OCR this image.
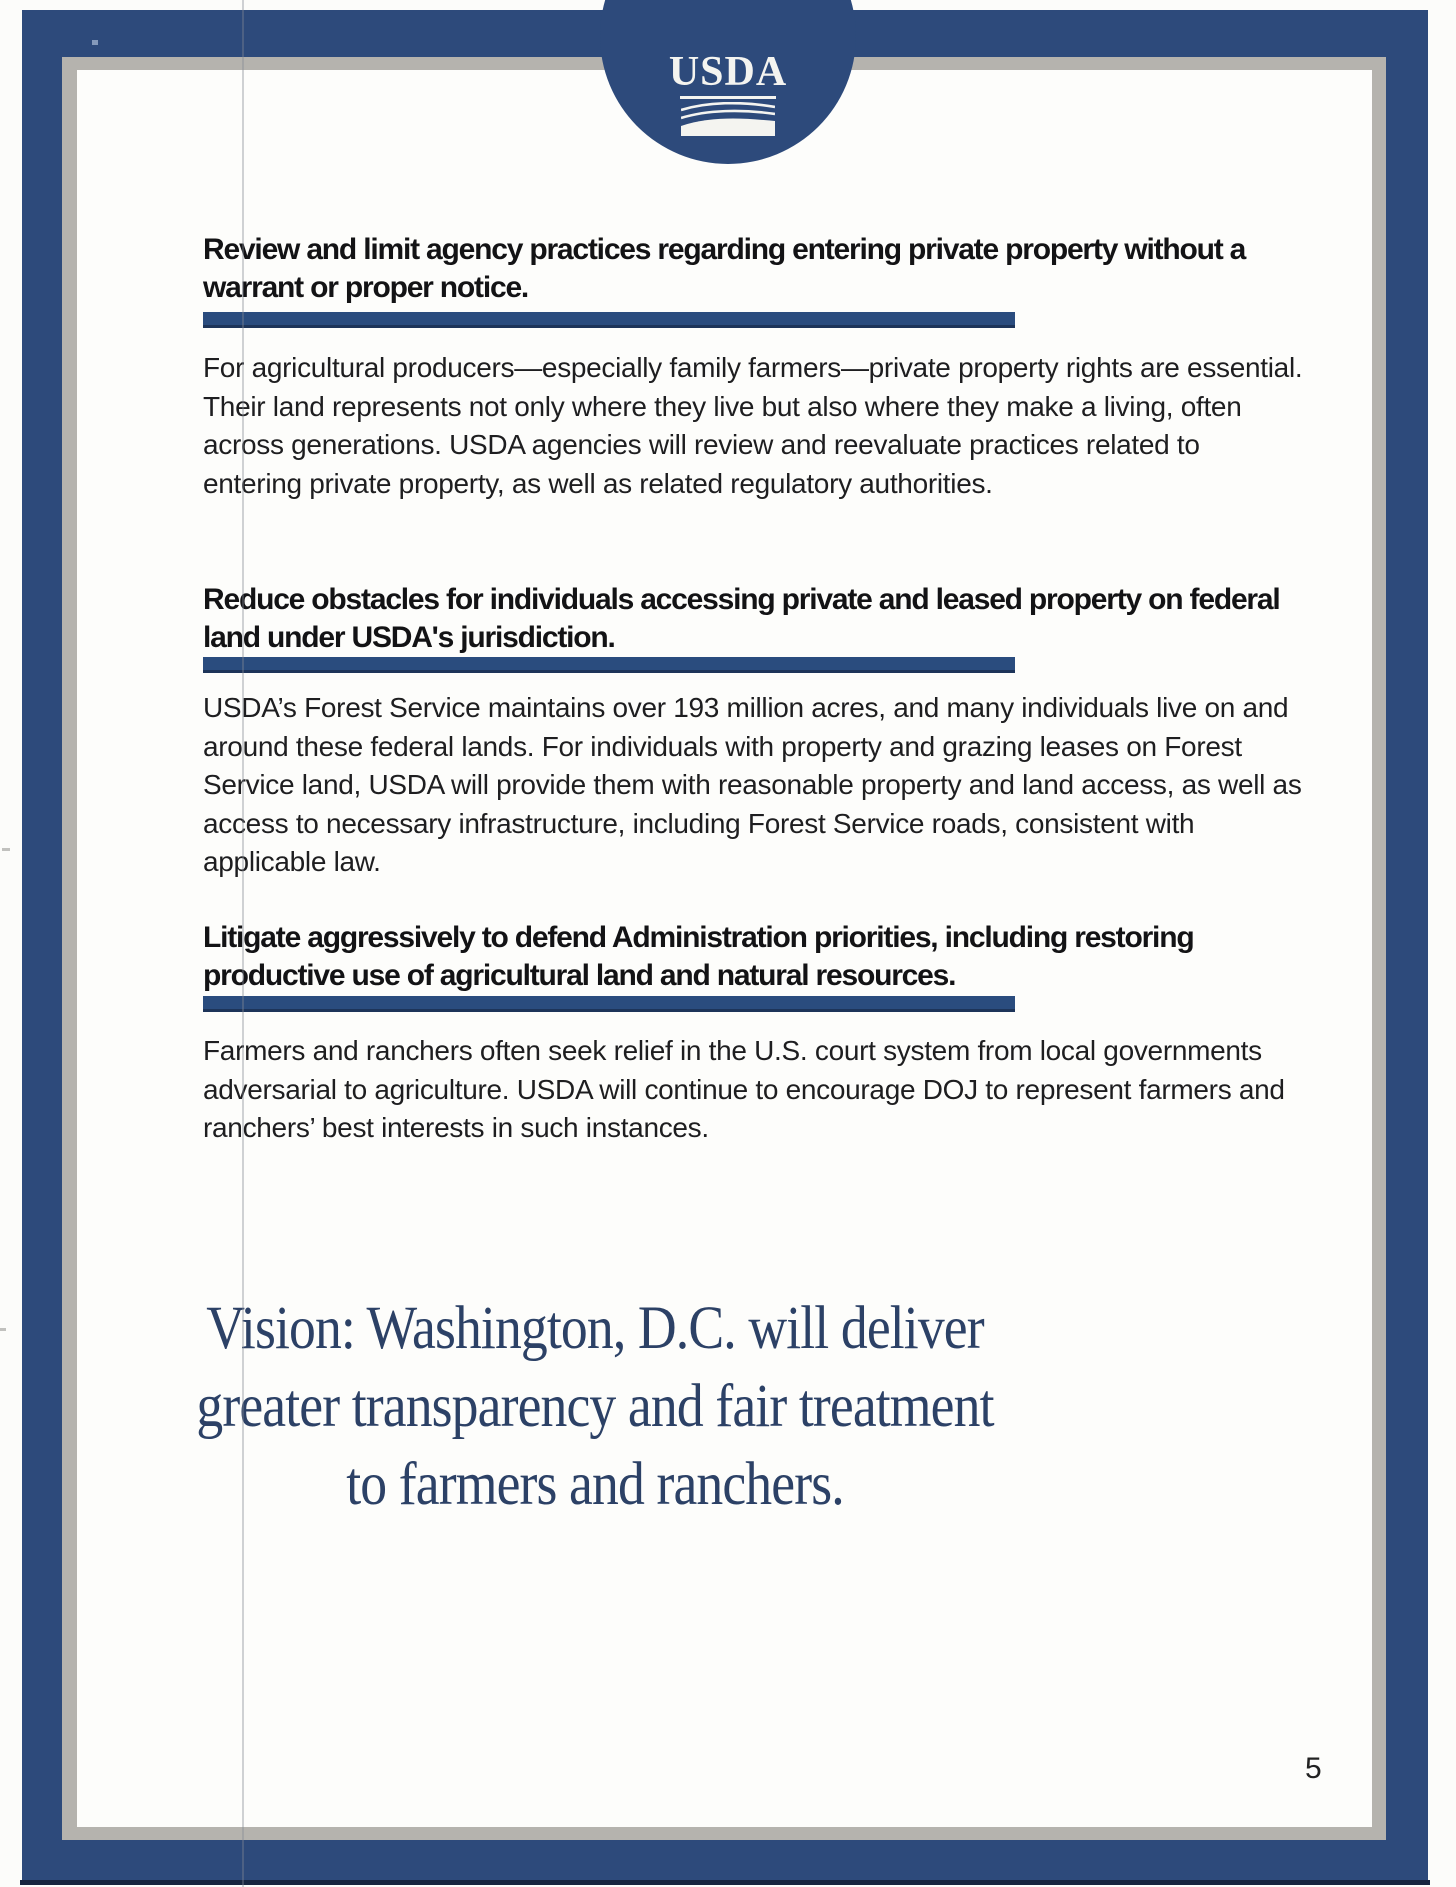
USDA
Review and limit agency practices regarding entering private property without a warrant or proper notice.

For agricultural producers—especially family farmers—private property rights are essential. Their land represents not only where they live but also where they make a living, often across generations. USDA agencies will review and reevaluate practices related to entering private property, as well as related regulatory authorities.

Reduce obstacles for individuals accessing private and leased property on federal land under USDA's jurisdiction.

USDA’s Forest Service maintains over 193 million acres, and many individuals live on and around these federal lands. For individuals with property and grazing leases on Forest Service land, USDA will provide them with reasonable property and land access, as well as access to necessary infrastructure, including Forest Service roads, consistent with applicable law.

Litigate aggressively to defend Administration priorities, including restoring productive use of agricultural land and natural resources.

Farmers and ranchers often seek relief in the U.S. court system from local governments adversarial to agriculture. USDA will continue to encourage DOJ to represent farmers and ranchers’ best interests in such instances.

Vision: Washington, D.C. will deliver
greater transparency and fair treatment
to farmers and ranchers.
5
